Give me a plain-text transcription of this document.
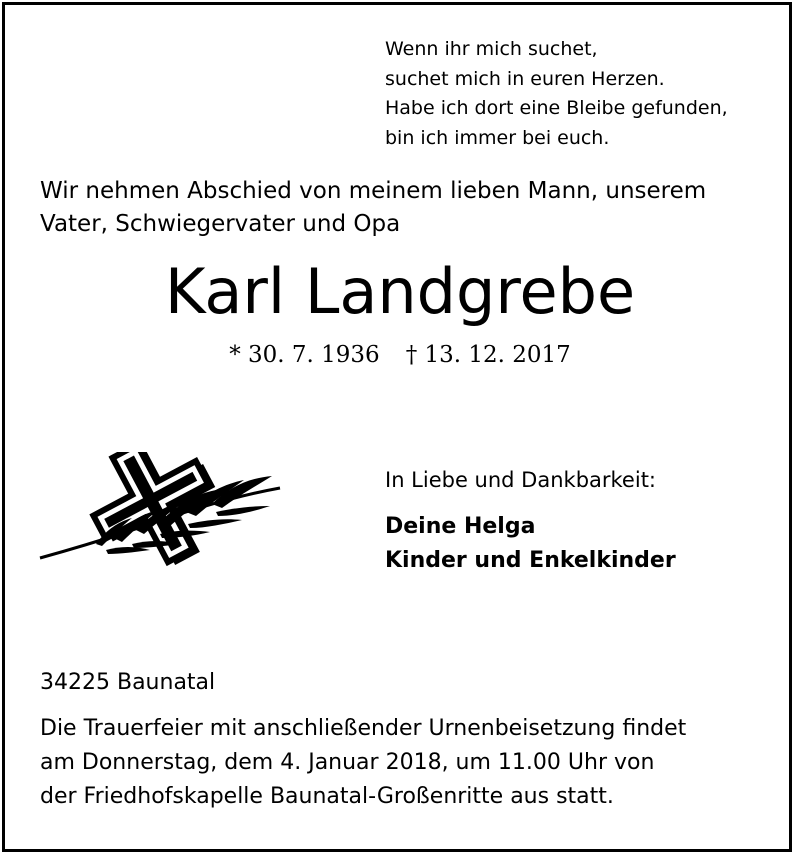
Wenn ihr mich suchet,
suchet mich in euren Herzen.
Habe ich dort eine Bleibe gefunden,
bin ich immer bei euch.
Wir nehmen Abschied von meinem lieben Mann, unserem
Vater, Schwiegervater und Opa
Karl Landgrebe
* 30. 7. 1936 † 13. 12. 2017
In Liebe und Dankbarkeit:
Deine Helga
Kinder und Enkelkinder
34225 Baunatal
Die Trauerfeier mit anschließender Urnenbeisetzung findet
am Donnerstag, dem 4. Januar 2018, um 11.00 Uhr von
der Friedhofskapelle Baunatal-Großenritte aus statt.
